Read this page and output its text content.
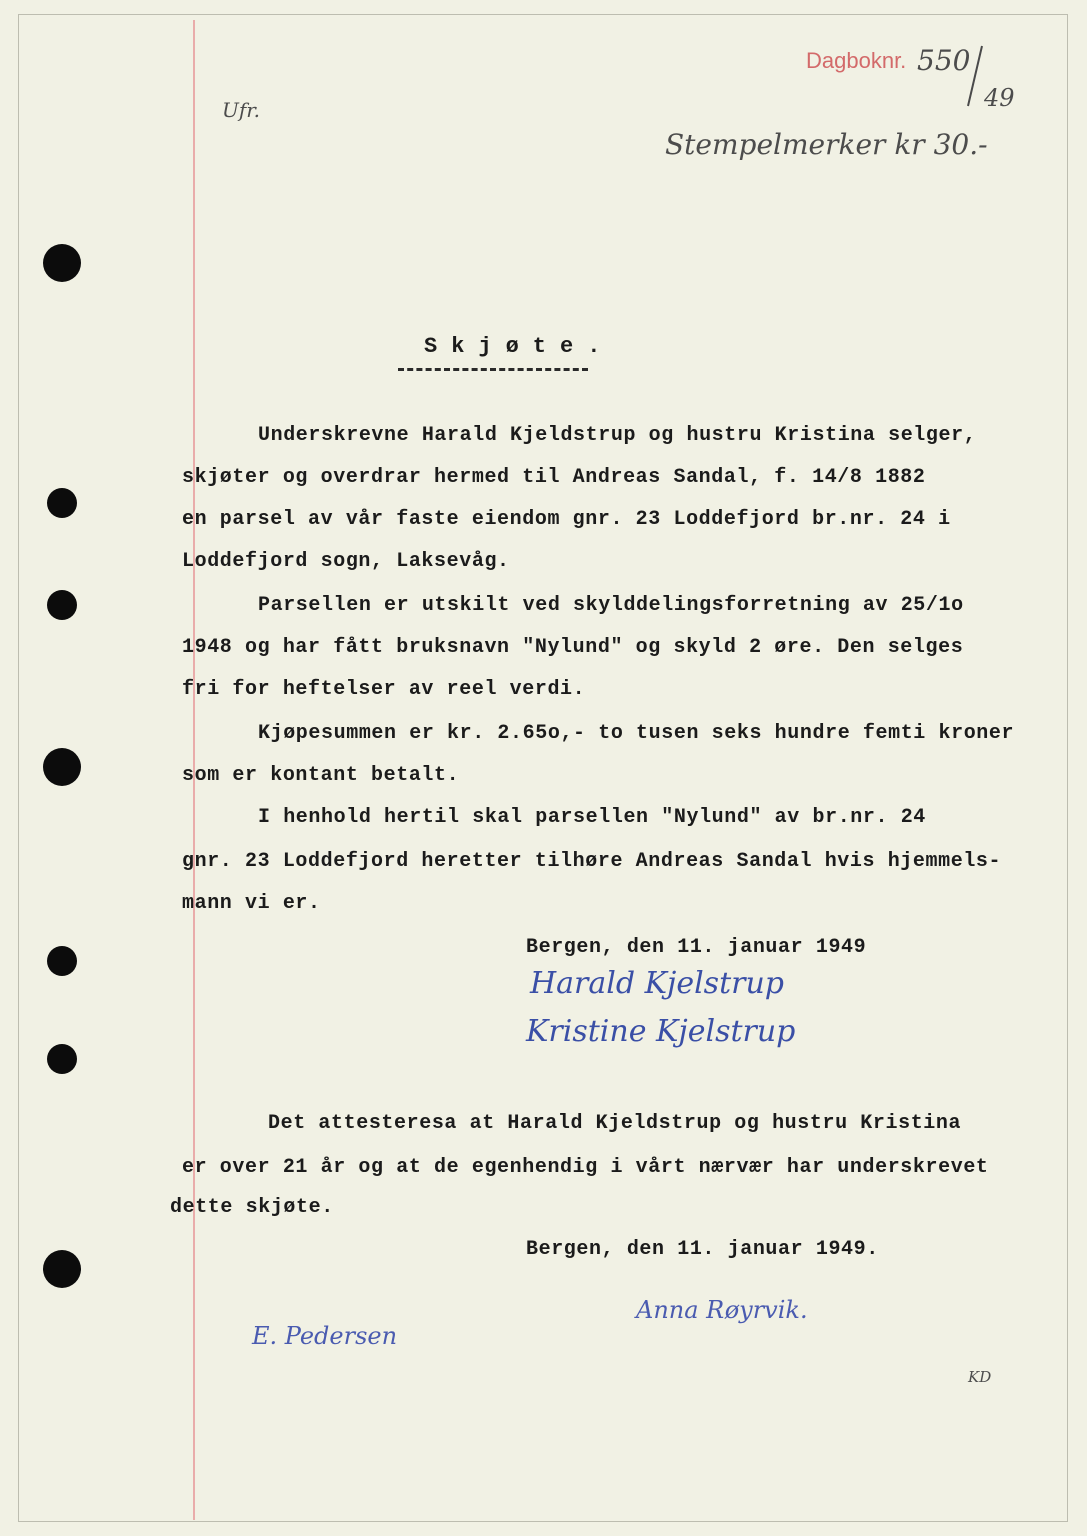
Dagboknr. 550
49
Ufr.
Stempelmerker kr 30.-

Skjøte.

Underskrevne Harald Kjeldstrup og hustru Kristina selger,

skjøter og overdrar hermed til Andreas Sandal, f. 14/8 1882

en parsel av vår faste eiendom gnr. 23 Loddefjord br.nr. 24 i

Loddefjord sogn, Laksevåg.

Parsellen er utskilt ved skylddelingsforretning av 25/1o

1948 og har fått bruksnavn "Nylund" og skyld 2 øre. Den selges

fri for heftelser av reel verdi.

Kjøpesummen er kr. 2.65o,- to tusen seks hundre femti kroner

som er kontant betalt.

I henhold hertil skal parsellen "Nylund" av br.nr. 24

gnr. 23 Loddefjord heretter tilhøre Andreas Sandal hvis hjemmels-

mann vi er.

Bergen, den 11. januar 1949

Harald Kjelstrup
Kristine Kjelstrup

Det attesteresa at Harald Kjeldstrup og hustru Kristina

er over 21 år og at de egenhendig i vårt nærvær har underskrevet

dette skjøte.

Bergen, den 11. januar 1949.

E. Pedersen
Anna Røyrvik.
KD
